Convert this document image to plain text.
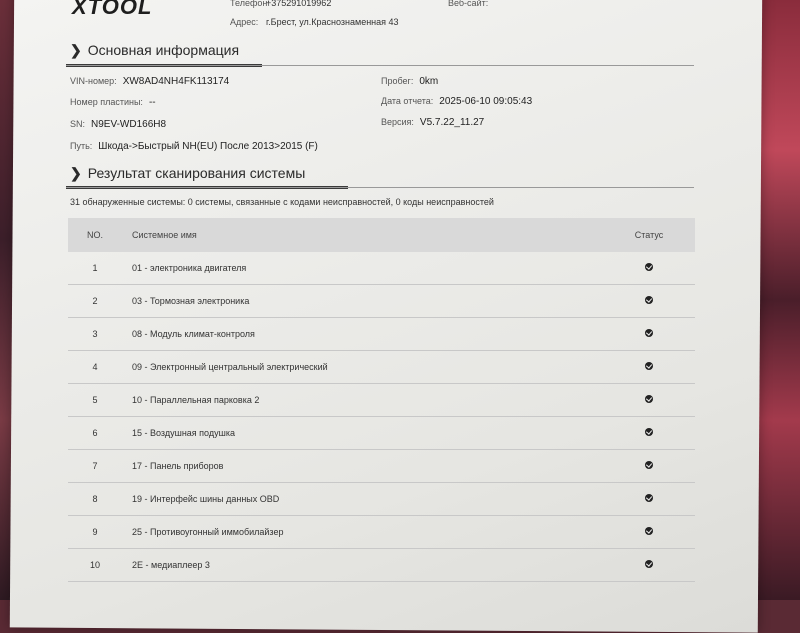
XTOOL	Телефон:
+375291019962	Веб-сайт:
Адрес: г.Брест, ул.Краснознаменная 43
❯ Основная информация
VIN-номер: XW8AD4NH4FK113174	Пробег: 0km
Номер пластины: --	Дата отчета: 2025-06-10 09:05:43
SN: N9EV-WD166H8	Версия: V5.7.22_11.27
Путь: Шкода->Быстрый NH(EU) После 2013>2015 (F)
❯ Результат сканирования системы
31 обнаруженные системы: 0 системы, связанные с кодами неисправностей, 0 коды неисправностей
NO.	Системное имя	Статус
1	01 - электроника двигателя	
2	03 - Тормозная электроника	
3	08 - Модуль климат-контроля	
4	09 - Электронный центральный электрический	
5	10 - Параллельная парковка 2	
6	15 - Воздушная подушка	
7	17 - Панель приборов	
8	19 - Интерфейс шины данных OBD	
9	25 - Противоугонный иммобилайзер	
10	2E - медиаплеер 3	
